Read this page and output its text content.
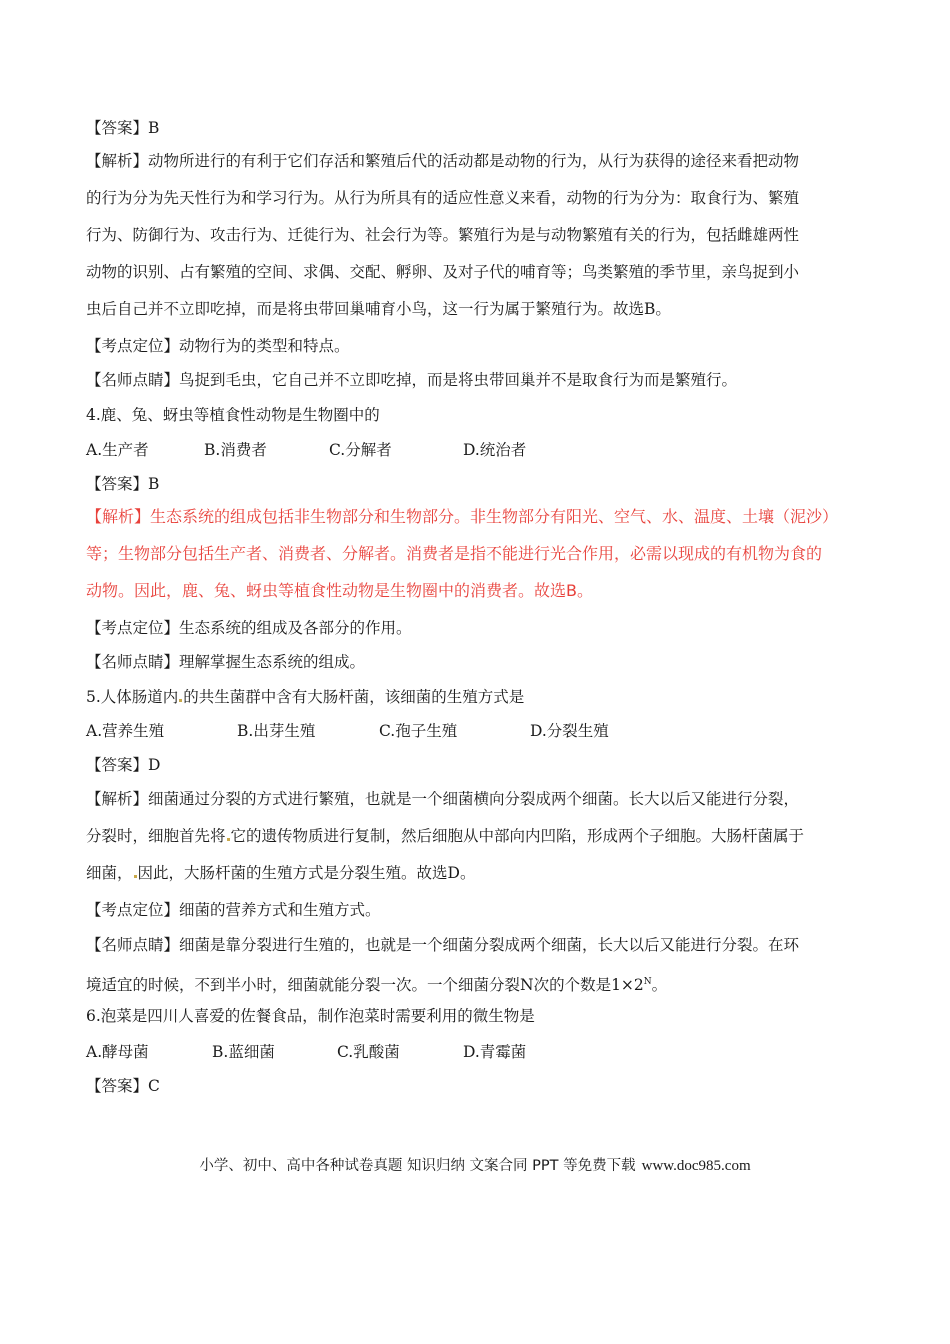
【答案】B
【解析】动物所进行的有利于它们存活和繁殖后代的活动都是动物的行为，从行为获得的途径来看把动物
的行为分为先天性行为和学习行为。从行为所具有的适应性意义来看，动物的行为分为：取食行为、繁殖
行为、防御行为、攻击行为、迁徙行为、社会行为等。繁殖行为是与动物繁殖有关的行为，包括雌雄两性
动物的识别、占有繁殖的空间、求偶、交配、孵卵、及对子代的哺育等；鸟类繁殖的季节里，亲鸟捉到小
虫后自己并不立即吃掉，而是将虫带回巢哺育小鸟，这一行为属于繁殖行为。故选B。
【考点定位】动物行为的类型和特点。
【名师点睛】鸟捉到毛虫，它自己并不立即吃掉，而是将虫带回巢并不是取食行为而是繁殖行。
4.鹿、兔、蚜虫等植食性动物是生物圈中的
A.生产者	B.消费者	C.分解者	D.统治者
【答案】B
【解析】生态系统的组成包括非生物部分和生物部分。非生物部分有阳光、空气、水、温度、土壤（泥沙）
等；生物部分包括生产者、消费者、分解者。消费者是指不能进行光合作用，必需以现成的有机物为食的
动物。因此，鹿、兔、蚜虫等植食性动物是生物圈中的消费者。故选B。
【考点定位】生态系统的组成及各部分的作用。
【名师点睛】理解掌握生态系统的组成。
5.人体肠道内 的共生菌群中含有大肠杆菌，该细菌的生殖方式是
A.营养生殖	B.出芽生殖	C.孢子生殖	D.分裂生殖
【答案】D
【解析】细菌通过分裂的方式进行繁殖，也就是一个细菌横向分裂成两个细菌。长大以后又能进行分裂，
分裂时，细胞首先将 它的遗传物质进行复制，然后细胞从中部向内凹陷，形成两个子细胞。大肠杆菌属于
细菌， 因此，大肠杆菌的生殖方式是分裂生殖。故选D。
【考点定位】细菌的营养方式和生殖方式。
【名师点睛】细菌是靠分裂进行生殖的，也就是一个细菌分裂成两个细菌，长大以后又能进行分裂。在环
境适宜的时候，不到半小时，细菌就能分裂一次。一个细菌分裂N次的个数是$1\times 2^N$。
6.泡菜是四川人喜爱的佐餐食品，制作泡菜时需要利用的微生物是
A.酵母菌	B.蓝细菌	C.乳酸菌	D.青霉菌
【答案】C
小学、初中、高中各种试卷真题 知识归纳 文案合同 PPT 等免费下载 www.doc985.com
